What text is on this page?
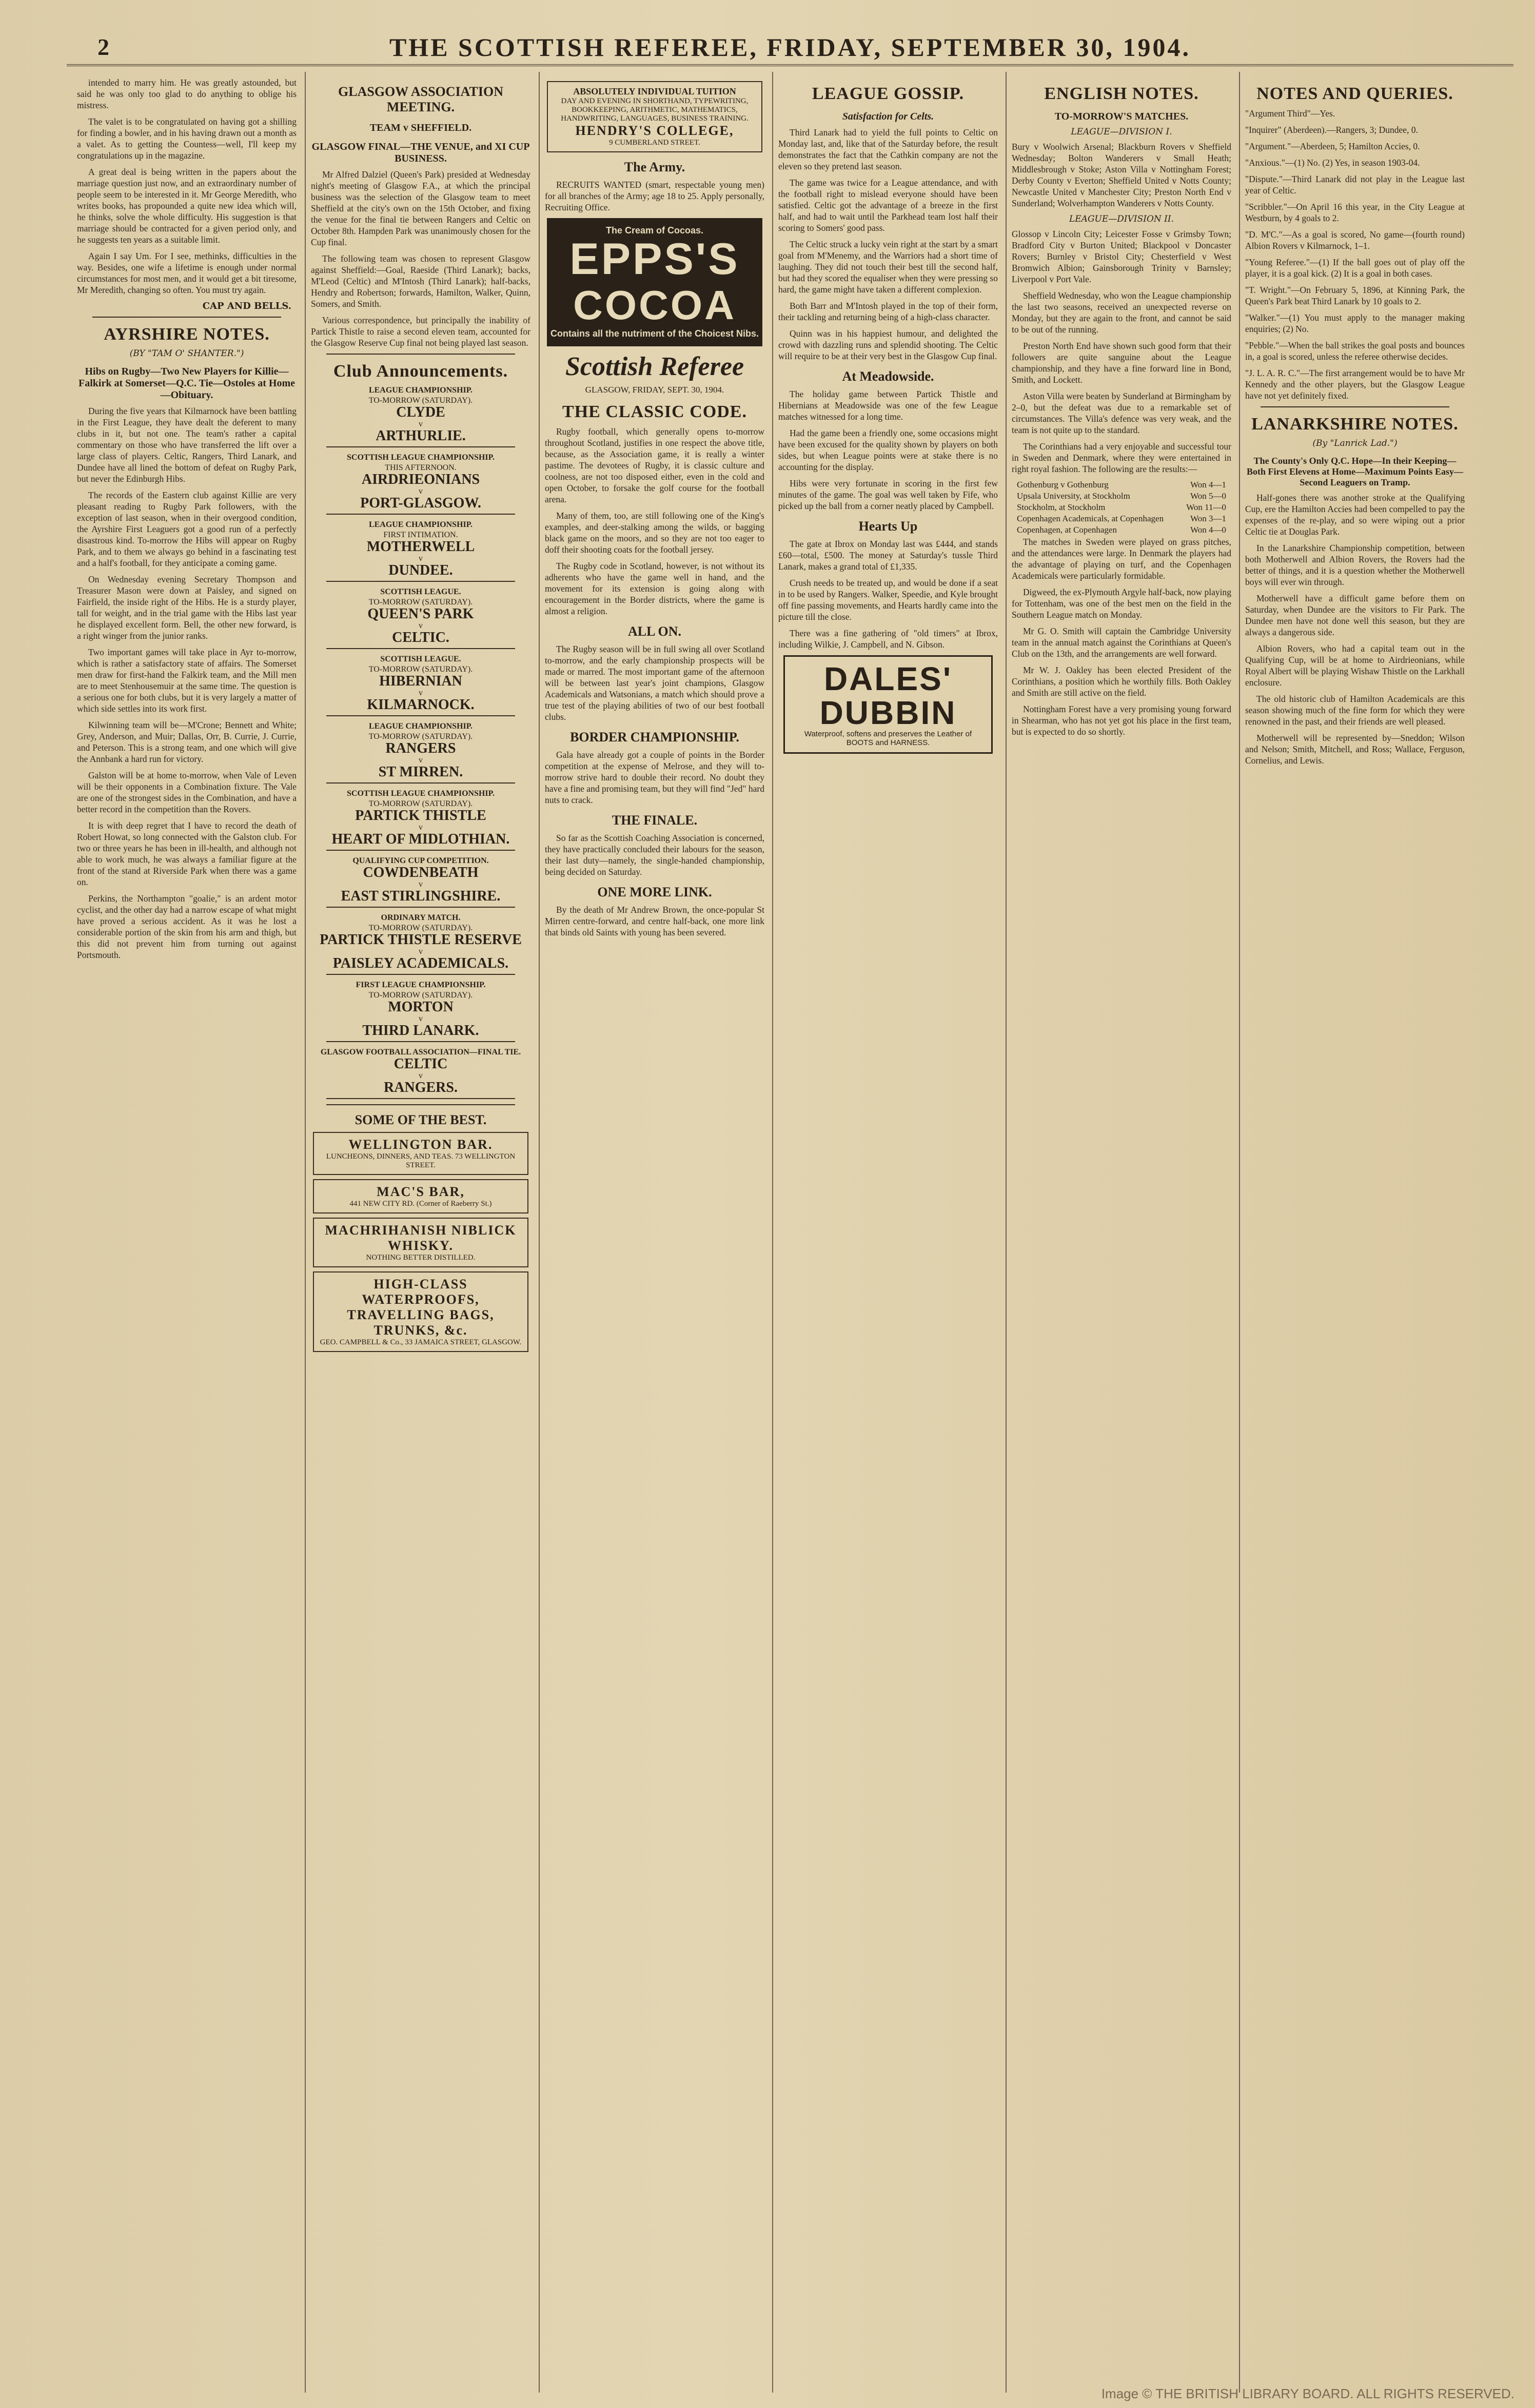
2	THE SCOTTISH REFEREE, FRIDAY, SEPTEMBER 30, 1904.

intended to marry him. He was greatly astounded, but said he was only too glad to do anything to oblige his mistress.

The valet is to be congratulated on having got a shilling for finding a bowler, and in his having drawn out a month as a valet. As to getting the Countess—well, I'll keep my congratulations up in the magazine.

A great deal is being written in the papers about the marriage question just now, and an extraordinary number of people seem to be interested in it. Mr George Meredith, who writes books, has propounded a quite new idea which will, he thinks, solve the whole difficulty. His suggestion is that marriage should be contracted for a given period only, and he suggests ten years as a suitable limit.

Again I say Um. For I see, methinks, difficulties in the way. Besides, one wife a lifetime is enough under normal circumstances for most men, and it would get a bit tiresome, Mr Meredith, changing so often. You must try again.

CAP AND BELLS.
AYRSHIRE NOTES.
(BY "TAM O' SHANTER.")
Hibs on Rugby—Two New Players for Killie—Falkirk at Somerset—Q.C. Tie—Ostoles at Home—Obituary.

During the five years that Kilmarnock have been battling in the First League, they have dealt the deferent to many clubs in it, but not one. The team's rather a capital commentary on those who have transferred the lift over a large class of players. Celtic, Rangers, Third Lanark, and Dundee have all lined the bottom of defeat on Rugby Park, but never the Edinburgh Hibs.

The records of the Eastern club against Killie are very pleasant reading to Rugby Park followers, with the exception of last season, when in their overgood condition, the Ayrshire First Leaguers got a good run of a perfectly disastrous kind. To-morrow the Hibs will appear on Rugby Park, and to them we always go behind in a fascinating test and a half's football, for they anticipate a coming game.

On Wednesday evening Secretary Thompson and Treasurer Mason were down at Paisley, and signed on Fairfield, the inside right of the Hibs. He is a sturdy player, tall for weight, and in the trial game with the Hibs last year he displayed excellent form. Bell, the other new forward, is a right winger from the junior ranks.

Two important games will take place in Ayr to-morrow, which is rather a satisfactory state of affairs. The Somerset men draw for first-hand the Falkirk team, and the Mill men are to meet Stenhousemuir at the same time. The question is a serious one for both clubs, but it is very largely a matter of which side settles into its work first.

Kilwinning team will be—M'Crone; Bennett and White; Grey, Anderson, and Muir; Dallas, Orr, B. Currie, J. Currie, and Peterson. This is a strong team, and one which will give the Annbank a hard run for victory.

Galston will be at home to-morrow, when Vale of Leven will be their opponents in a Combination fixture. The Vale are one of the strongest sides in the Combination, and have a better record in the competition than the Rovers.

It is with deep regret that I have to record the death of Robert Howat, so long connected with the Galston club. For two or three years he has been in ill-health, and although not able to work much, he was always a familiar figure at the front of the stand at Riverside Park when there was a game on.

Perkins, the Northampton "goalie," is an ardent motor cyclist, and the other day had a narrow escape of what might have proved a serious accident. As it was he lost a considerable portion of the skin from his arm and thigh, but this did not prevent him from turning out against Portsmouth.

GLASGOW ASSOCIATION MEETING.
TEAM v SHEFFIELD.
GLASGOW FINAL—THE VENUE, and XI CUP BUSINESS.

Mr Alfred Dalziel (Queen's Park) presided at Wednesday night's meeting of Glasgow F.A., at which the principal business was the selection of the Glasgow team to meet Sheffield at the city's own on the 15th October, and fixing the venue for the final tie between Rangers and Celtic on October 8th. Hampden Park was unanimously chosen for the Cup final.

The following team was chosen to represent Glasgow against Sheffield:—Goal, Raeside (Third Lanark); backs, M'Leod (Celtic) and M'Intosh (Third Lanark); half-backs, Hendry and Robertson; forwards, Hamilton, Walker, Quinn, Somers, and Smith.

Various correspondence, but principally the inability of Partick Thistle to raise a second eleven team, accounted for the Glasgow Reserve Cup final not being played last season.

Club Announcements.
LEAGUE CHAMPIONSHIP.
TO-MORROW (SATURDAY).
CLYDE
v
ARTHURLIE.
SCOTTISH LEAGUE CHAMPIONSHIP.
THIS AFTERNOON.
AIRDRIEONIANS
v
PORT-GLASGOW.
LEAGUE CHAMPIONSHIP.
FIRST INTIMATION.
MOTHERWELL
v
DUNDEE.
SCOTTISH LEAGUE.
TO-MORROW (SATURDAY).
QUEEN'S PARK
v
CELTIC.
SCOTTISH LEAGUE.
TO-MORROW (SATURDAY).
HIBERNIAN
v
KILMARNOCK.
LEAGUE CHAMPIONSHIP.
TO-MORROW (SATURDAY).
RANGERS
v
ST MIRREN.
SCOTTISH LEAGUE CHAMPIONSHIP.
TO-MORROW (SATURDAY).
PARTICK THISTLE
v
HEART OF MIDLOTHIAN.
QUALIFYING CUP COMPETITION.
COWDENBEATH
v
EAST STIRLINGSHIRE.
ORDINARY MATCH.
TO-MORROW (SATURDAY).
PARTICK THISTLE RESERVE
v
PAISLEY ACADEMICALS.
FIRST LEAGUE CHAMPIONSHIP.
TO-MORROW (SATURDAY).
MORTON
v
THIRD LANARK.
GLASGOW FOOTBALL ASSOCIATION—FINAL TIE.
CELTIC
v
RANGERS.
SOME OF THE BEST.
WELLINGTON BAR.
LUNCHEONS, DINNERS, AND TEAS. 73 WELLINGTON STREET.
MAC'S BAR,
441 NEW CITY RD. (Corner of Raeberry St.)
MACHRIHANISH NIBLICK WHISKY.
NOTHING BETTER DISTILLED.
HIGH-CLASS WATERPROOFS, TRAVELLING BAGS, TRUNKS, &c.
GEO. CAMPBELL & Co., 33 JAMAICA STREET, GLASGOW.
ABSOLUTELY INDIVIDUAL TUITION
DAY AND EVENING IN SHORTHAND, TYPEWRITING, BOOKKEEPING, ARITHMETIC, MATHEMATICS, HANDWRITING, LANGUAGES, BUSINESS TRAINING.
HENDRY'S COLLEGE,
9 CUMBERLAND STREET.
The Army.

RECRUITS WANTED (smart, respectable young men) for all branches of the Army; age 18 to 25. Apply personally, Recruiting Office.

The Cream of Cocoas.
EPPS'S
COCOA
Contains all the nutriment of the Choicest Nibs.
Scottish Referee
GLASGOW, FRIDAY, SEPT. 30, 1904.
THE CLASSIC CODE.

Rugby football, which generally opens to-morrow throughout Scotland, justifies in one respect the above title, because, as the Association game, it is really a winter pastime. The devotees of Rugby, it is classic culture and coolness, are not too disposed either, even in the cold and open October, to forsake the golf course for the football arena.

Many of them, too, are still following one of the King's examples, and deer-stalking among the wilds, or bagging black game on the moors, and so they are not too eager to doff their shooting coats for the football jersey.

The Rugby code in Scotland, however, is not without its adherents who have the game well in hand, and the movement for its extension is going along with encouragement in the Border districts, where the game is almost a religion.

ALL ON.

The Rugby season will be in full swing all over Scotland to-morrow, and the early championship prospects will be made or marred. The most important game of the afternoon will be between last year's joint champions, Glasgow Academicals and Watsonians, a match which should prove a true test of the playing abilities of two of our best football clubs.

BORDER CHAMPIONSHIP.

Gala have already got a couple of points in the Border competition at the expense of Melrose, and they will to-morrow strive hard to double their record. No doubt they have a fine and promising team, but they will find "Jed" hard nuts to crack.

THE FINALE.

So far as the Scottish Coaching Association is concerned, they have practically concluded their labours for the season, their last duty—namely, the single-handed championship, being decided on Saturday.

ONE MORE LINK.

By the death of Mr Andrew Brown, the once-popular St Mirren centre-forward, and centre half-back, one more link that binds old Saints with young has been severed.

LEAGUE GOSSIP.
Satisfaction for Celts.

Third Lanark had to yield the full points to Celtic on Monday last, and, like that of the Saturday before, the result demonstrates the fact that the Cathkin company are not the eleven so they pretend last season.

The game was twice for a League attendance, and with the football right to mislead everyone should have been satisfied. Celtic got the advantage of a breeze in the first half, and had to wait until the Parkhead team lost half their scoring to Somers' good pass.

The Celtic struck a lucky vein right at the start by a smart goal from M'Menemy, and the Warriors had a short time of laughing. They did not touch their best till the second half, but had they scored the equaliser when they were pressing so hard, the game might have taken a different complexion.

Both Barr and M'Intosh played in the top of their form, their tackling and returning being of a high-class character.

Quinn was in his happiest humour, and delighted the crowd with dazzling runs and splendid shooting. The Celtic will require to be at their very best in the Glasgow Cup final.

At Meadowside.

The holiday game between Partick Thistle and Hibernians at Meadowside was one of the few League matches witnessed for a long time.

Had the game been a friendly one, some occasions might have been excused for the quality shown by players on both sides, but when League points were at stake there is no accounting for the display.

Hibs were very fortunate in scoring in the first few minutes of the game. The goal was well taken by Fife, who picked up the ball from a corner neatly placed by Campbell.

Hearts Up

The gate at Ibrox on Monday last was £444, and stands £60—total, £500. The money at Saturday's tussle Third Lanark, makes a grand total of £1,335.

Crush needs to be treated up, and would be done if a seat in to be used by Rangers. Walker, Speedie, and Kyle brought off fine passing movements, and Hearts hardly came into the picture till the close.

There was a fine gathering of "old timers" at Ibrox, including Wilkie, J. Campbell, and N. Gibson.

DALES' DUBBIN
Waterproof, softens and preserves the Leather of BOOTS and HARNESS.
ENGLISH NOTES.
TO-MORROW'S MATCHES.
LEAGUE—DIVISION I.

Bury v Woolwich Arsenal; Blackburn Rovers v Sheffield Wednesday; Bolton Wanderers v Small Heath; Middlesbrough v Stoke; Aston Villa v Nottingham Forest; Derby County v Everton; Sheffield United v Notts County; Newcastle United v Manchester City; Preston North End v Sunderland; Wolverhampton Wanderers v Notts County.

LEAGUE—DIVISION II.

Glossop v Lincoln City; Leicester Fosse v Grimsby Town; Bradford City v Burton United; Blackpool v Doncaster Rovers; Burnley v Bristol City; Chesterfield v West Bromwich Albion; Gainsborough Trinity v Barnsley; Liverpool v Port Vale.

Sheffield Wednesday, who won the League championship the last two seasons, received an unexpected reverse on Monday, but they are again to the front, and cannot be said to be out of the running.

Preston North End have shown such good form that their followers are quite sanguine about the League championship, and they have a fine forward line in Bond, Smith, and Lockett.

Aston Villa were beaten by Sunderland at Birmingham by 2–0, but the defeat was due to a remarkable set of circumstances. The Villa's defence was very weak, and the team is not quite up to the standard.

The Corinthians had a very enjoyable and successful tour in Sweden and Denmark, where they were entertained in right royal fashion. The following are the results:—

Gothenburg v Gothenburg	Won 4—1
Upsala University, at Stockholm	Won 5—0
Stockholm, at Stockholm	Won 11—0
Copenhagen Academicals, at Copenhagen	Won 3—1
Copenhagen, at Copenhagen	Won 4—0

The matches in Sweden were played on grass pitches, and the attendances were large. In Denmark the players had the advantage of playing on turf, and the Copenhagen Academicals were particularly formidable.

Digweed, the ex-Plymouth Argyle half-back, now playing for Tottenham, was one of the best men on the field in the Southern League match on Monday.

Mr G. O. Smith will captain the Cambridge University team in the annual match against the Corinthians at Queen's Club on the 13th, and the arrangements are well forward.

Mr W. J. Oakley has been elected President of the Corinthians, a position which he worthily fills. Both Oakley and Smith are still active on the field.

Nottingham Forest have a very promising young forward in Shearman, who has not yet got his place in the first team, but is expected to do so shortly.

NOTES AND QUERIES.

"Argument Third"—Yes.

"Inquirer" (Aberdeen).—Rangers, 3; Dundee, 0.

"Argument."—Aberdeen, 5; Hamilton Accies, 0.

"Anxious."—(1) No. (2) Yes, in season 1903-04.

"Dispute."—Third Lanark did not play in the League last year of Celtic.

"Scribbler."—On April 16 this year, in the City League at Westburn, by 4 goals to 2.

"D. M'C."—As a goal is scored, No game—(fourth round) Albion Rovers v Kilmarnock, 1–1.

"Young Referee."—(1) If the ball goes out of play off the player, it is a goal kick. (2) It is a goal in both cases.

"T. Wright."—On February 5, 1896, at Kinning Park, the Queen's Park beat Third Lanark by 10 goals to 2.

"Walker."—(1) You must apply to the manager making enquiries; (2) No.

"Pebble."—When the ball strikes the goal posts and bounces in, a goal is scored, unless the referee otherwise decides.

"J. L. A. R. C."—The first arrangement would be to have Mr Kennedy and the other players, but the Glasgow League have not yet definitely fixed.

LANARKSHIRE NOTES.
(By "Lanrick Lad.")
The County's Only Q.C. Hope—In their Keeping—Both First Elevens at Home—Maximum Points Easy—Second Leaguers on Tramp.

Half-gones there was another stroke at the Qualifying Cup, ere the Hamilton Accies had been compelled to pay the expenses of the re-play, and so were wiping out a prior Celtic tie at Douglas Park.

In the Lanarkshire Championship competition, between both Motherwell and Albion Rovers, the Rovers had the better of things, and it is a question whether the Motherwell boys will ever win through.

Motherwell have a difficult game before them on Saturday, when Dundee are the visitors to Fir Park. The Dundee men have not done well this season, but they are always a dangerous side.

Albion Rovers, who had a capital team out in the Qualifying Cup, will be at home to Airdrieonians, while Royal Albert will be playing Wishaw Thistle on the Larkhall enclosure.

The old historic club of Hamilton Academicals are this season showing much of the fine form for which they were renowned in the past, and their friends are well pleased.

Motherwell will be represented by—Sneddon; Wilson and Nelson; Smith, Mitchell, and Ross; Wallace, Ferguson, Cornelius, and Lewis.

Image © THE BRITISH LIBRARY BOARD. ALL RIGHTS RESERVED.
